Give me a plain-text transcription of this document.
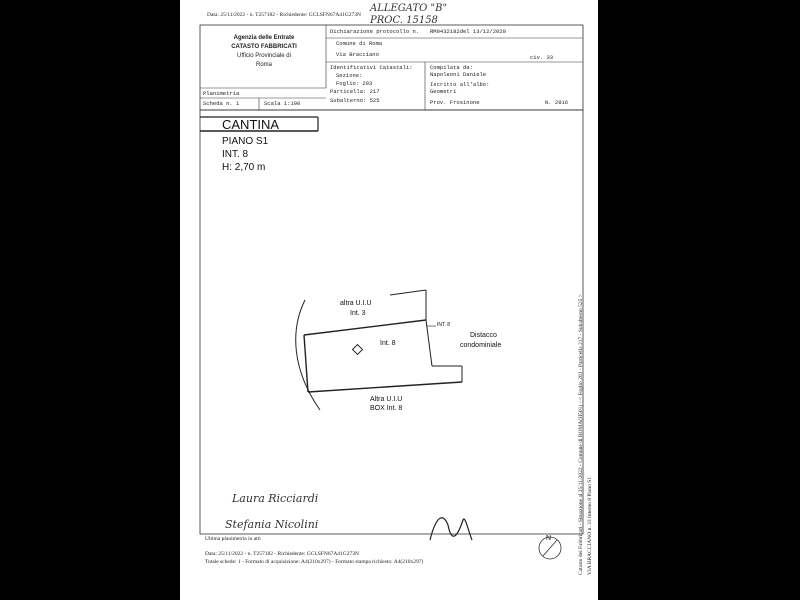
Data: 25/11/2022 - n. T257182 - Richiedente: GCLSFN67A41G273N
ALLEGATO "B"
PROC. 15158
Agenzia delle Entrate
CATASTO FABBRICATI
Ufficio Provinciale di
Roma
Dichiarazione protocollo n. RM0432182del 13/12/2020
Comune di Roma
Via Bracciano	civ. 33
Identificativi Catastali:
Sezione:
Foglio: 203
Particella: 217
Subalterno: 525
Compilata da:
Napoleoni Daniele
Iscritto all'albo:
Geometri
Prov. Frosinone	N. 2816
Planimetria
Scheda n. 1	Scala 1:100
CANTINA
PIANO S1
INT. 8
H: 2,70 m
altra U.I.U
Int. 3
Int. 8
INT. 8
Distacco
condominiale
Altra U.I.U
BOX Int. 8
Laura Ricciardi
Stefania Nicolini
N	Catasto dei Fabbricati - Situazione al 25/11/2022 - Comune di ROMA(H501) - < Foglio 203 - Particella 217 - Subalterno 525 > VIA BRACCIANO n. 33 Interno 8 Piano S1
Ultima planimetria in atti
Data: 25/11/2022 - n. T257182 - Richiedente: GCLSFN67A41G273N
Totale schede: 1 - Formato di acquisizione: A4(210x297) - Formato stampa richiesto: A4(210x297)
